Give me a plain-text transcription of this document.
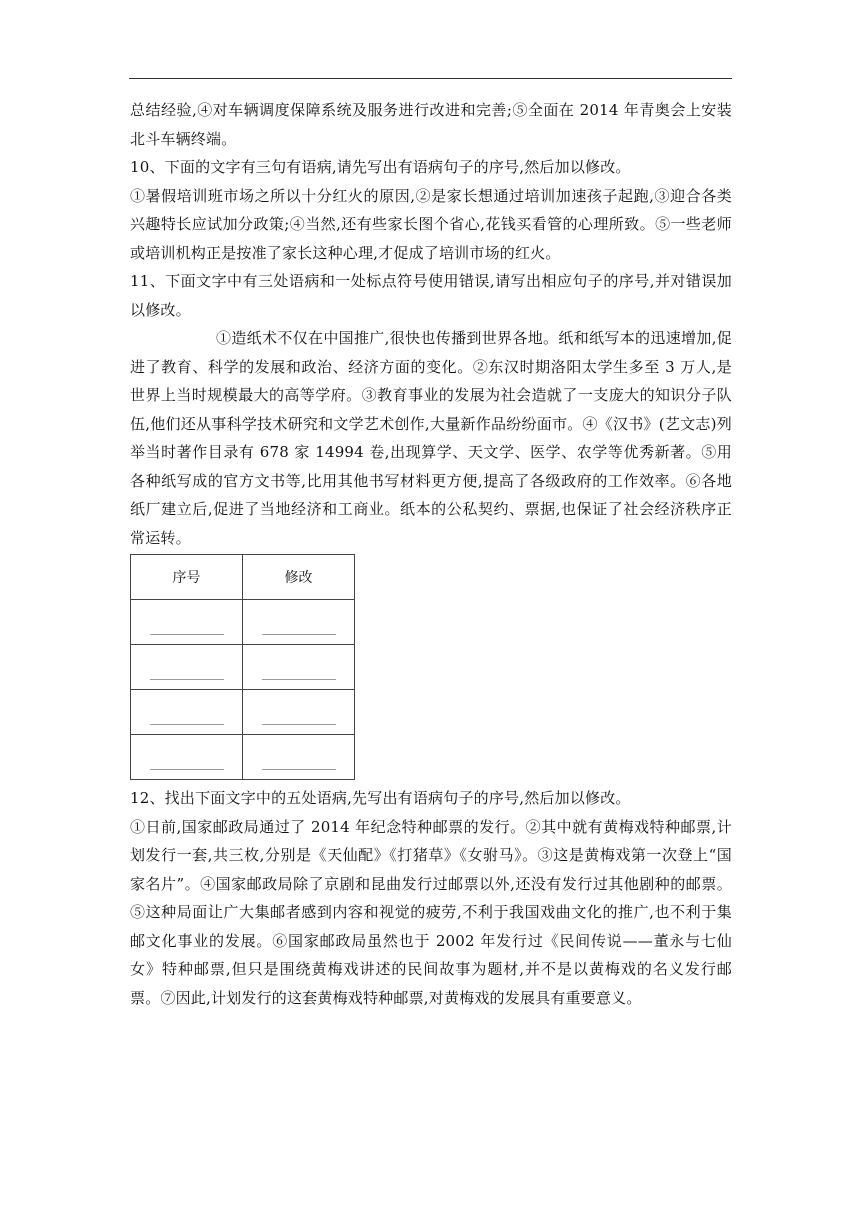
总结经验,④对车辆调度保障系统及服务进行改进和完善;⑤全面在 2014 年青奥会上安装北斗车辆终端。

10、下面的文字有三句有语病,请先写出有语病句子的序号,然后加以修改。

①暑假培训班市场之所以十分红火的原因,②是家长想通过培训加速孩子起跑,③迎合各类兴趣特长应试加分政策;④当然,还有些家长图个省心,花钱买看管的心理所致。⑤一些老师或培训机构正是按准了家长这种心理,才促成了培训市场的红火。

11、下面文字中有三处语病和一处标点符号使用错误,请写出相应句子的序号,并对错误加以修改。

①造纸术不仅在中国推广,很快也传播到世界各地。纸和纸写本的迅速增加,促进了教育、科学的发展和政治、经济方面的变化。②东汉时期洛阳太学生多至 3 万人,是世界上当时规模最大的高等学府。③教育事业的发展为社会造就了一支庞大的知识分子队伍,他们还从事科学技术研究和文学艺术创作,大量新作品纷纷面市。④《汉书》(艺文志)列举当时著作目录有 678 家 14994 卷,出现算学、天文学、医学、农学等优秀新著。⑤用各种纸写成的官方文书等,比用其他书写材料更方便,提高了各级政府的工作效率。⑥各地纸厂建立后,促进了当地经济和工商业。纸本的公私契约、票据,也保证了社会经济秩序正常运转。

序号	修改

12、找出下面文字中的五处语病,先写出有语病句子的序号,然后加以修改。

①日前,国家邮政局通过了 2014 年纪念特种邮票的发行。②其中就有黄梅戏特种邮票,计划发行一套,共三枚,分别是《天仙配》《打猪草》《女驸马》。③这是黄梅戏第一次登上“国家名片”。④国家邮政局除了京剧和昆曲发行过邮票以外,还没有发行过其他剧种的邮票。⑤这种局面让广大集邮者感到内容和视觉的疲劳,不利于我国戏曲文化的推广,也不利于集邮文化事业的发展。⑥国家邮政局虽然也于 2002 年发行过《民间传说——董永与七仙女》特种邮票,但只是围绕黄梅戏讲述的民间故事为题材,并不是以黄梅戏的名义发行邮票。⑦因此,计划发行的这套黄梅戏特种邮票,对黄梅戏的发展具有重要意义。
